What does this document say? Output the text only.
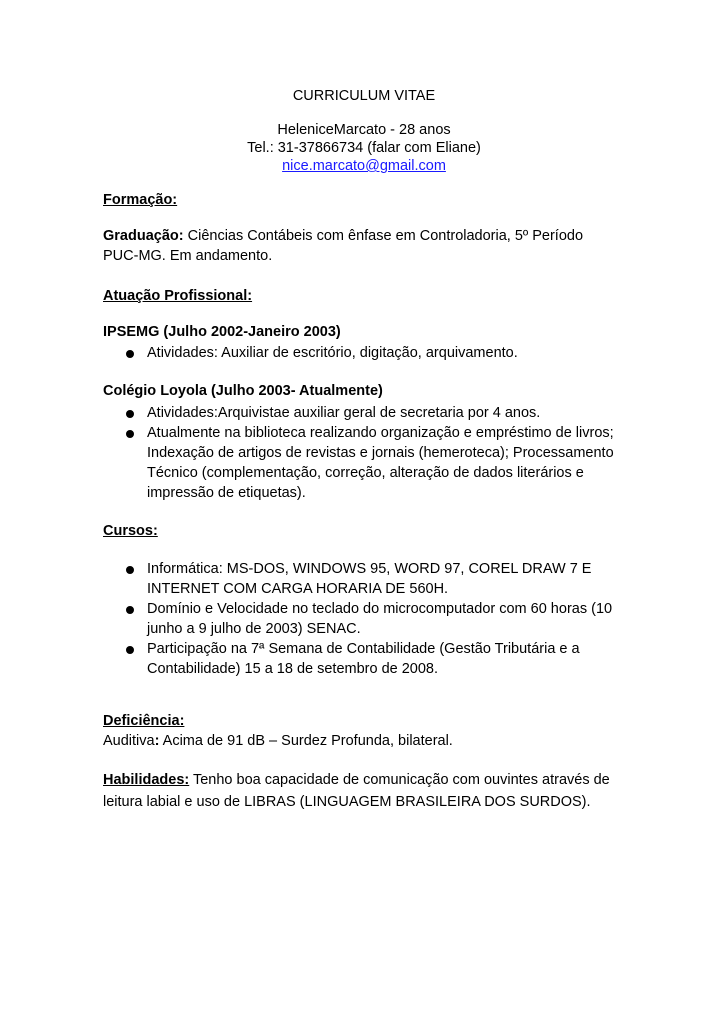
CURRICULUM VITAE
HeleniceMarcato - 28 anos
Tel.: 31-37866734 (falar com Eliane)
nice.marcato@gmail.com
Formação:
Graduação: Ciências Contábeis com ênfase em Controladoria, 5º Período
PUC-MG. Em andamento.
Atuação Profissional:
IPSEMG (Julho 2002-Janeiro 2003)
Atividades: Auxiliar de escritório, digitação, arquivamento.
Colégio Loyola (Julho 2003- Atualmente)
Atividades:Arquivistae auxiliar geral de secretaria por 4 anos.
Atualmente na biblioteca realizando organização e empréstimo de livros; Indexação de artigos de revistas e jornais (hemeroteca); Processamento Técnico (complementação, correção, alteração de dados literários e impressão de etiquetas).
Cursos:
Informática: MS-DOS, WINDOWS 95, WORD 97, COREL DRAW 7 E INTERNET COM CARGA HORARIA DE 560H.
Domínio e Velocidade no teclado do microcomputador com 60 horas (10 junho a 9 julho de 2003) SENAC.
Participação na 7ª Semana de Contabilidade (Gestão Tributária e a Contabilidade) 15 a 18 de setembro de 2008.
Deficiência:
Auditiva: Acima de 91 dB – Surdez Profunda, bilateral.
Habilidades: Tenho boa capacidade de comunicação com ouvintes através de
leitura labial e uso de LIBRAS (LINGUAGEM BRASILEIRA DOS SURDOS).
